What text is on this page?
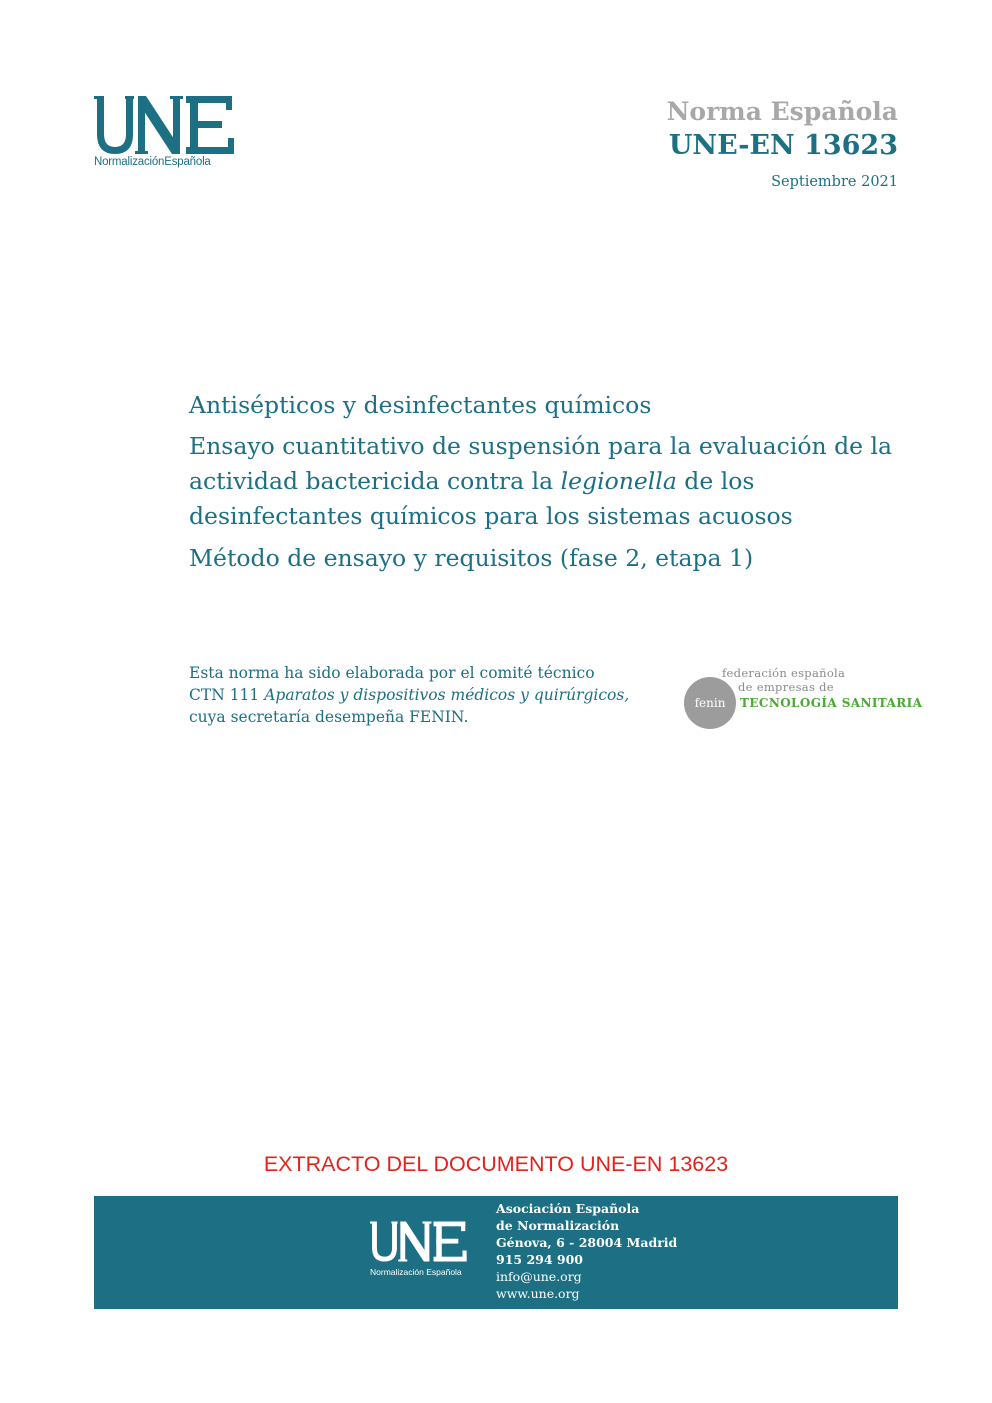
NormalizaciónEspañola
Norma Española
UNE-EN 13623
Septiembre 2021

Antisépticos y desinfectantes químicos

Ensayo cuantitativo de suspensión para la evaluación de la actividad bactericida contra la legionella de los desinfectantes químicos para los sistemas acuosos

Método de ensayo y requisitos (fase 2, etapa 1)

Esta norma ha sido elaborada por el comité técnico
CTN 111 Aparatos y dispositivos médicos y quirúrgicos,
cuya secretaría desempeña FENIN.
fenin
federación española
de empresas de
TECNOLOGÍA SANITARIA
EXTRACTO DEL DOCUMENTO UNE-EN 13623
Normalización Española
Asociación Española
de Normalización
Génova, 6 - 28004 Madrid
915 294 900
info@une.org
www.une.org
